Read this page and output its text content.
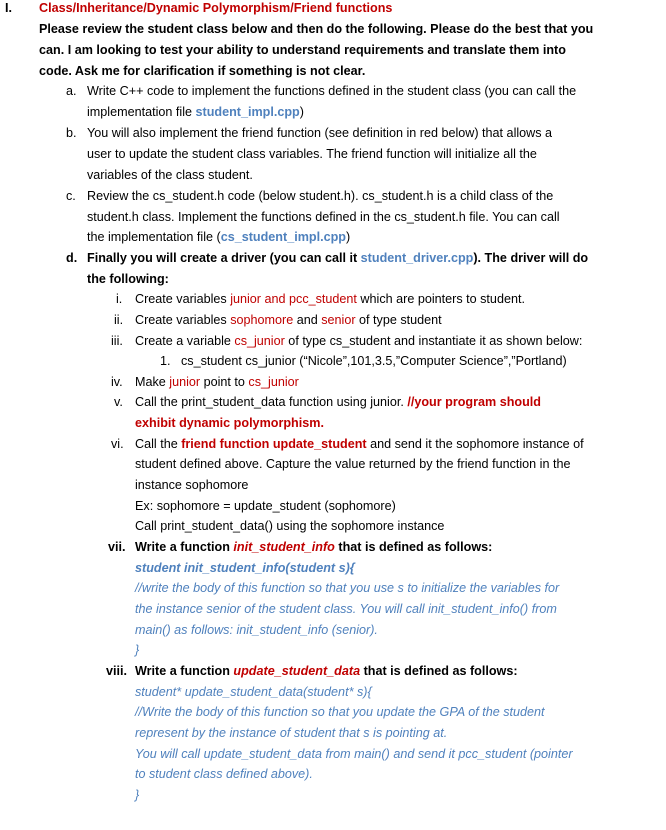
I. Class/Inheritance/Dynamic Polymorphism/Friend functions
Please review the student class below and then do the following. Please do the best that you
can. I am looking to test your ability to understand requirements and translate them into
code. Ask me for clarification if something is not clear.
a. Write C++ code to implement the functions defined in the student class (you can call the
implementation file student_impl.cpp)
b. You will also implement the friend function (see definition in red below) that allows a
user to update the student class variables. The friend function will initialize all the
variables of the class student.
c. Review the cs_student.h code (below student.h). cs_student.h is a child class of the
student.h class. Implement the functions defined in the cs_student.h file. You can call
the implementation file (cs_student_impl.cpp)
d. Finally you will create a driver (you can call it student_driver.cpp). The driver will do
the following:
i. Create variables junior and pcc_student which are pointers to student.
ii. Create variables sophomore and senior of type student
iii. Create a variable cs_junior of type cs_student and instantiate it as shown below:
1. cs_student cs_junior (“Nicole”,101,3.5,”Computer Science”,”Portland)
iv. Make junior point to cs_junior
v. Call the print_student_data function using junior. //your program should
exhibit dynamic polymorphism.
vi. Call the friend function update_student and send it the sophomore instance of
student defined above. Capture the value returned by the friend function in the
instance sophomore
Ex: sophomore = update_student (sophomore)
Call print_student_data() using the sophomore instance
vii. Write a function init_student_info that is defined as follows:
student init_student_info(student s){
//write the body of this function so that you use s to initialize the variables for
the instance senior of the student class. You will call init_student_info() from
main() as follows: init_student_info (senior).
}
viii. Write a function update_student_data that is defined as follows:
student* update_student_data(student* s){
//Write the body of this function so that you update the GPA of the student
represent by the instance of student that s is pointing at.
You will call update_student_data from main() and send it pcc_student (pointer
to student class defined above).
}
